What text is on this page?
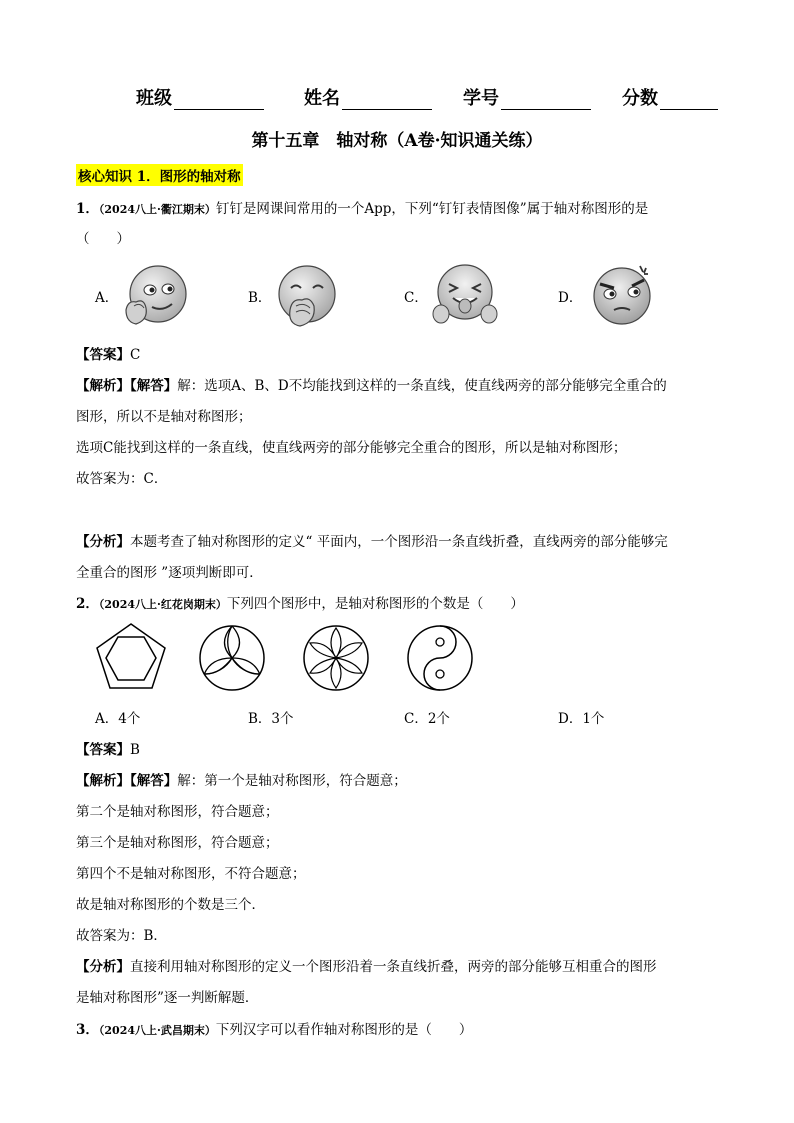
班级	姓名	学号	分数
第十五章　轴对称（A卷·知识通关练）
核心知识 1．图形的轴对称
1．（2024八上·衢江期末）钉钉是网课间常用的一个App，下列“钉钉表情图像”属于轴对称图形的是
（　　）
A．	B．	C．	D．
【答案】C
【解析】【解答】解：选项A、B、D不均能找到这样的一条直线，使直线两旁的部分能够完全重合的
图形，所以不是轴对称图形；
选项C能找到这样的一条直线，使直线两旁的部分能够完全重合的图形，所以是轴对称图形；
故答案为：C．
【分析】本题考查了轴对称图形的定义“ 平面内，一个图形沿一条直线折叠，直线两旁的部分能够完
全重合的图形 ”逐项判断即可．
2．（2024八上·红花岗期末）下列四个图形中，是轴对称图形的个数是（　　）
A．4个	B．3个	C．2个	D．1个
【答案】B
【解析】【解答】解：第一个是轴对称图形，符合题意；
第二个是轴对称图形，符合题意；
第三个是轴对称图形，符合题意；
第四个不是轴对称图形，不符合题意；
故是轴对称图形的个数是三个．
故答案为：B．
【分析】直接利用轴对称图形的定义一个图形沿着一条直线折叠，两旁的部分能够互相重合的图形
是轴对称图形”逐一判断解题．
3．（2024八上·武昌期末）下列汉字可以看作轴对称图形的是（　　）
